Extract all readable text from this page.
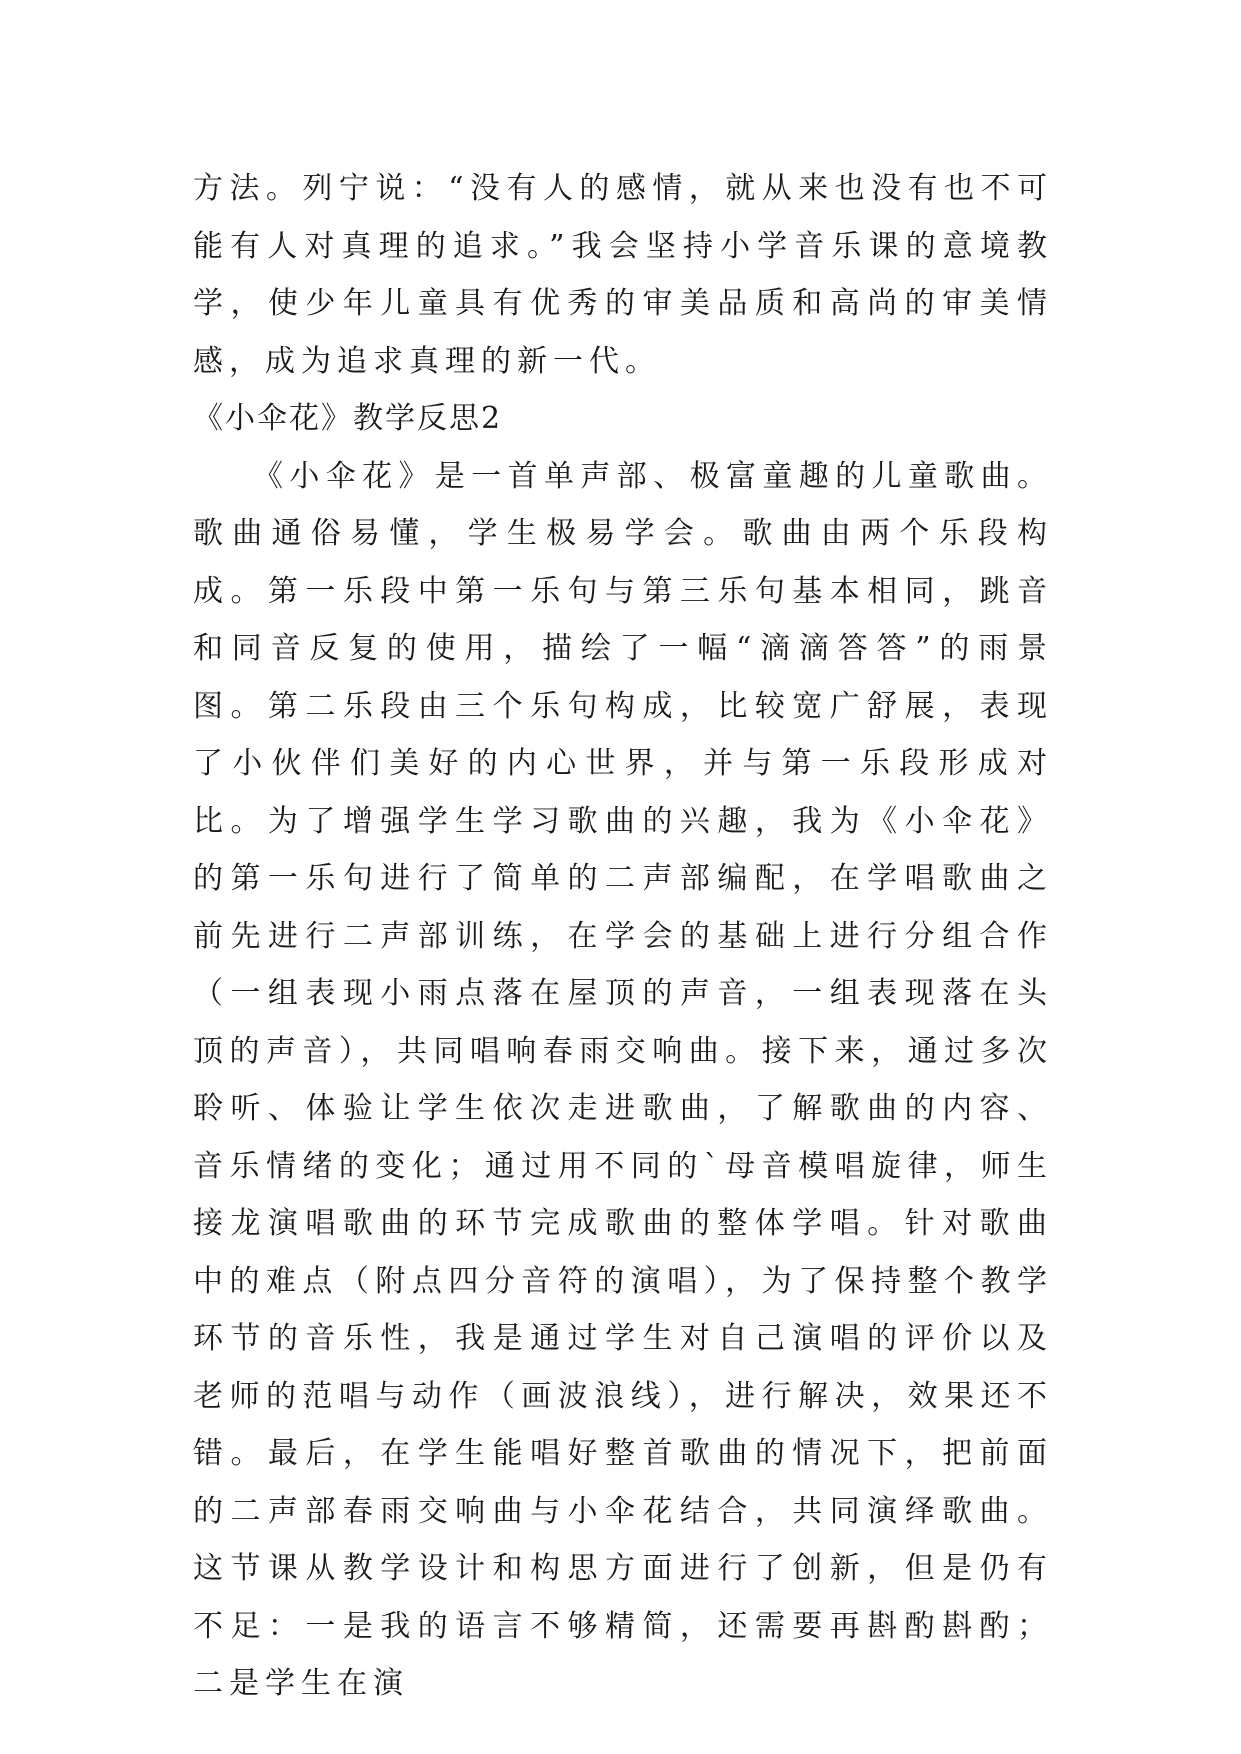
方法。列宁说：“没有人的感情，就从来也没有也不可能有人对真理的追求。”我会坚持小学音乐课的意境教学，使少年儿童具有优秀的审美品质和高尚的审美情感，成为追求真理的新一代。

《小伞花》教学反思2

《小伞花》是一首单声部、极富童趣的儿童歌曲。歌曲通俗易懂，学生极易学会。歌曲由两个乐段构成。第一乐段中第一乐句与第三乐句基本相同，跳音和同音反复的使用，描绘了一幅“滴滴答答”的雨景图。第二乐段由三个乐句构成，比较宽广舒展，表现了小伙伴们美好的内心世界，并与第一乐段形成对比。为了增强学生学习歌曲的兴趣，我为《小伞花》的第一乐句进行了简单的二声部编配，在学唱歌曲之前先进行二声部训练，在学会的基础上进行分组合作（一组表现小雨点落在屋顶的声音，一组表现落在头顶的声音），共同唱响春雨交响曲。接下来，通过多次聆听、体验让学生依次走进歌曲，了解歌曲的内容、音乐情绪的变化；通过用不同的`母音模唱旋律，师生接龙演唱歌曲的环节完成歌曲的整体学唱。针对歌曲中的难点（附点四分音符的演唱），为了保持整个教学环节的音乐性，我是通过学生对自己演唱的评价以及老师的范唱与动作（画波浪线），进行解决，效果还不错。最后，在学生能唱好整首歌曲的情况下，把前面的二声部春雨交响曲与小伞花结合，共同演绎歌曲。这节课从教学设计和构思方面进行了创新，但是仍有不足：一是我的语言不够精简，还需要再斟酌斟酌；二是学生在演
